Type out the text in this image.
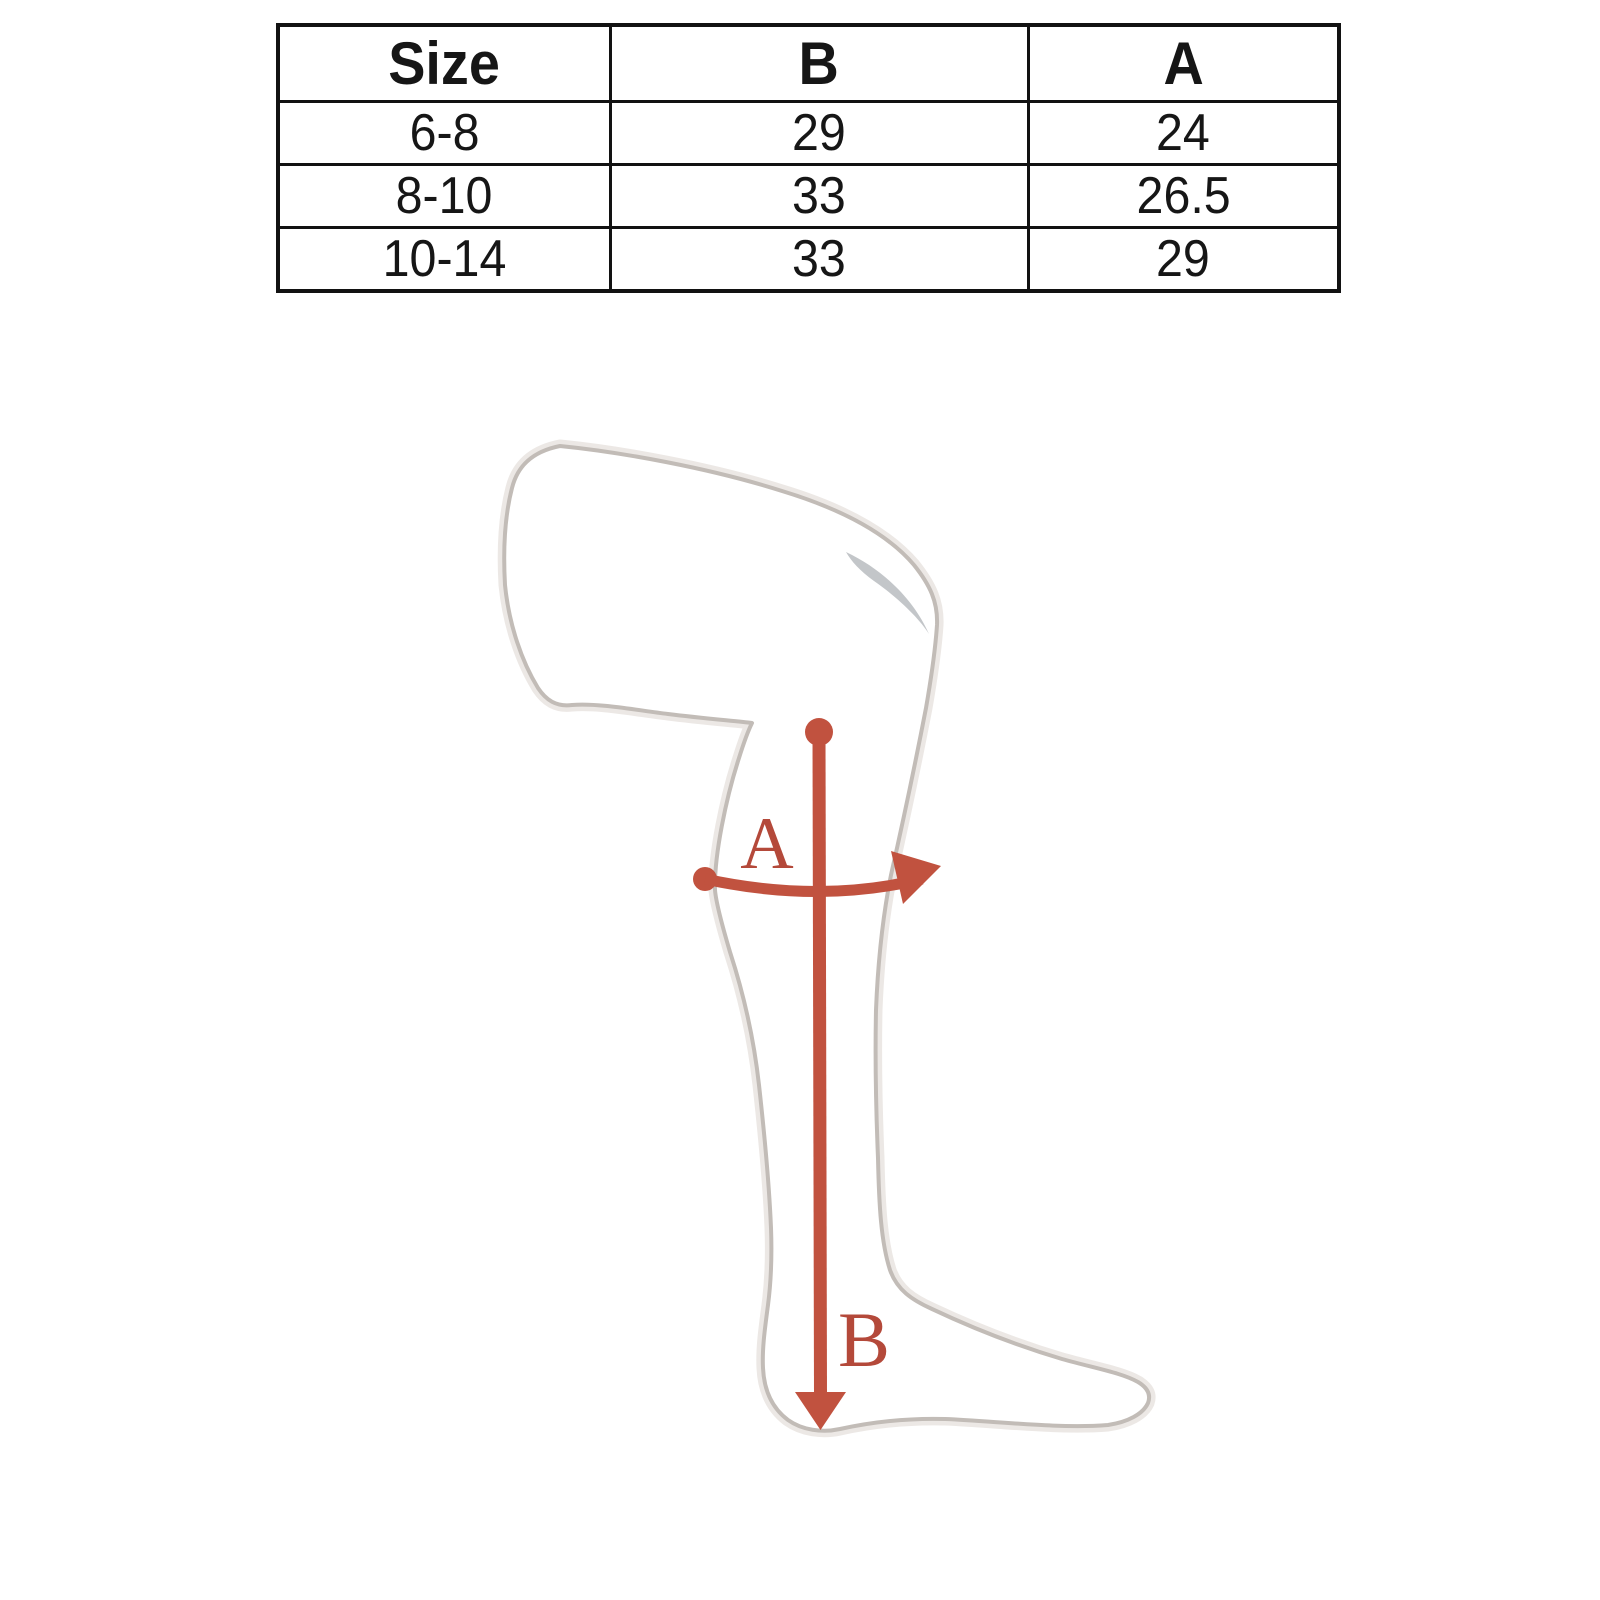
Size	B	A
6-8	29	24
8-10	33	26.5
10-14	33	29
A
B
